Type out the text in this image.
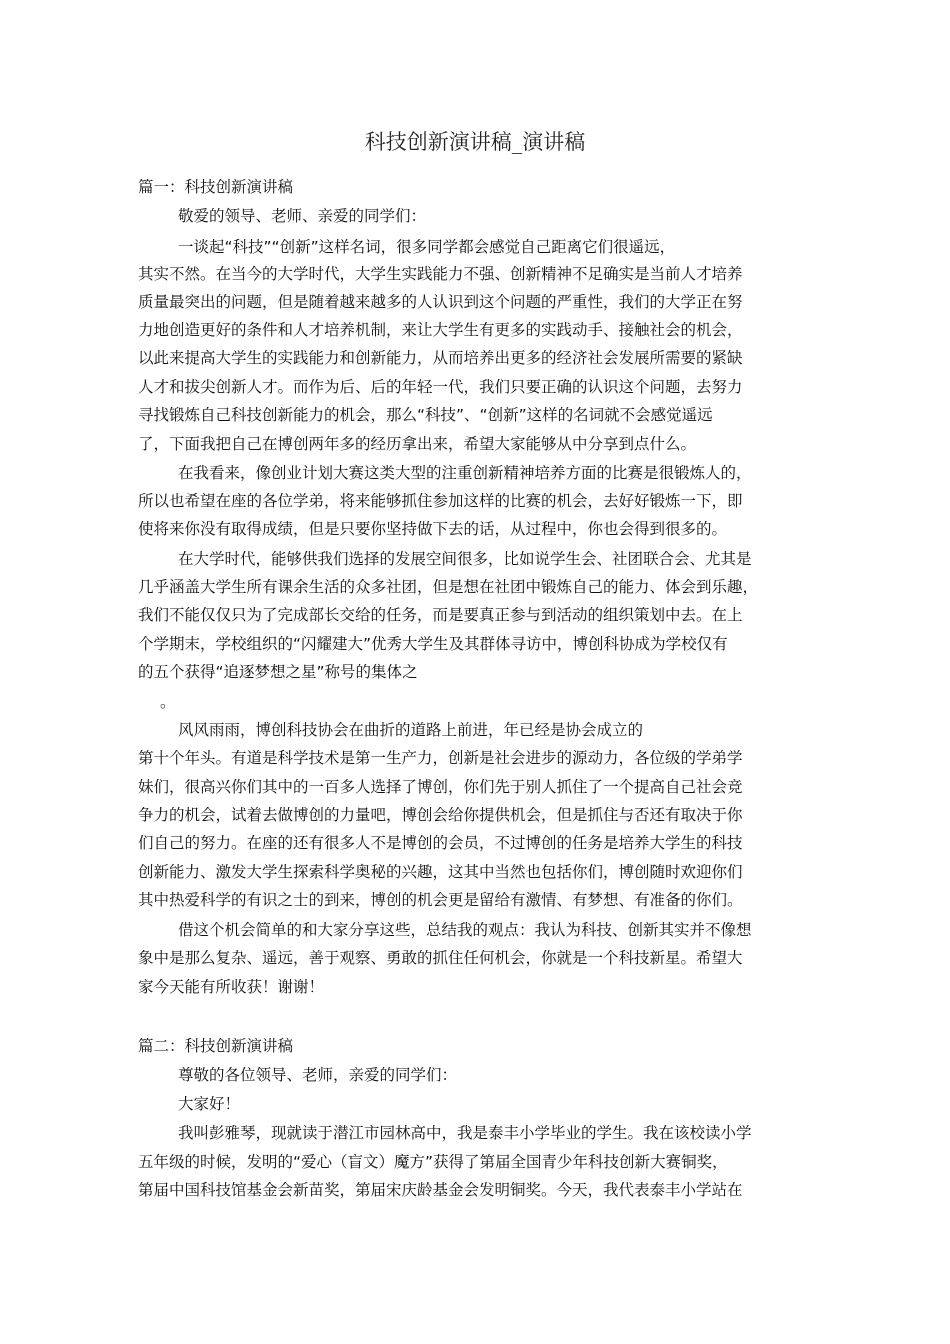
科技创新演讲稿_演讲稿
篇一：科技创新演讲稿
敬爱的领导、老师、亲爱的同学们：
一谈起“科技”“创新”这样名词，很多同学都会感觉自己距离它们很遥远，
其实不然。在当今的大学时代，大学生实践能力不强、创新精神不足确实是当前人才培养
质量最突出的问题，但是随着越来越多的人认识到这个问题的严重性，我们的大学正在努
力地创造更好的条件和人才培养机制，来让大学生有更多的实践动手、接触社会的机会，
以此来提高大学生的实践能力和创新能力，从而培养出更多的经济社会发展所需要的紧缺
人才和拔尖创新人才。而作为后、后的年轻一代，我们只要正确的认识这个问题，去努力
寻找锻炼自己科技创新能力的机会，那么“科技”、“创新”这样的名词就不会感觉遥远
了，下面我把自己在博创两年多的经历拿出来，希望大家能够从中分享到点什么。
在我看来，像创业计划大赛这类大型的注重创新精神培养方面的比赛是很锻炼人的，
所以也希望在座的各位学弟，将来能够抓住参加这样的比赛的机会，去好好锻炼一下，即
使将来你没有取得成绩，但是只要你坚持做下去的话，从过程中，你也会得到很多的。
在大学时代，能够供我们选择的发展空间很多，比如说学生会、社团联合会、尤其是
几乎涵盖大学生所有课余生活的众多社团，但是想在社团中锻炼自己的能力、体会到乐趣，
我们不能仅仅只为了完成部长交给的任务，而是要真正参与到活动的组织策划中去。在上
个学期末，学校组织的“闪耀建大”优秀大学生及其群体寻访中，博创科协成为学校仅有
的五个获得“追逐梦想之星”称号的集体之
。
风风雨雨，博创科技协会在曲折的道路上前进，年已经是协会成立的
第十个年头。有道是科学技术是第一生产力，创新是社会进步的源动力，各位级的学弟学
妹们，很高兴你们其中的一百多人选择了博创，你们先于别人抓住了一个提高自己社会竞
争力的机会，试着去做博创的力量吧，博创会给你提供机会，但是抓住与否还有取决于你
们自己的努力。在座的还有很多人不是博创的会员，不过博创的任务是培养大学生的科技
创新能力、激发大学生探索科学奥秘的兴趣，这其中当然也包括你们，博创随时欢迎你们
其中热爱科学的有识之士的到来，博创的机会更是留给有激情、有梦想、有准备的你们。
借这个机会简单的和大家分享这些，总结我的观点：我认为科技、创新其实并不像想
象中是那么复杂、遥远，善于观察、勇敢的抓住任何机会，你就是一个科技新星。希望大
家今天能有所收获！谢谢！
篇二：科技创新演讲稿
尊敬的各位领导、老师，亲爱的同学们：
大家好！
我叫彭雅琴，现就读于潜江市园林高中，我是泰丰小学毕业的学生。我在该校读小学
五年级的时候，发明的“爱心（盲文）魔方”获得了第届全国青少年科技创新大赛铜奖，
第届中国科技馆基金会新苗奖，第届宋庆龄基金会发明铜奖。今天，我代表泰丰小学站在
